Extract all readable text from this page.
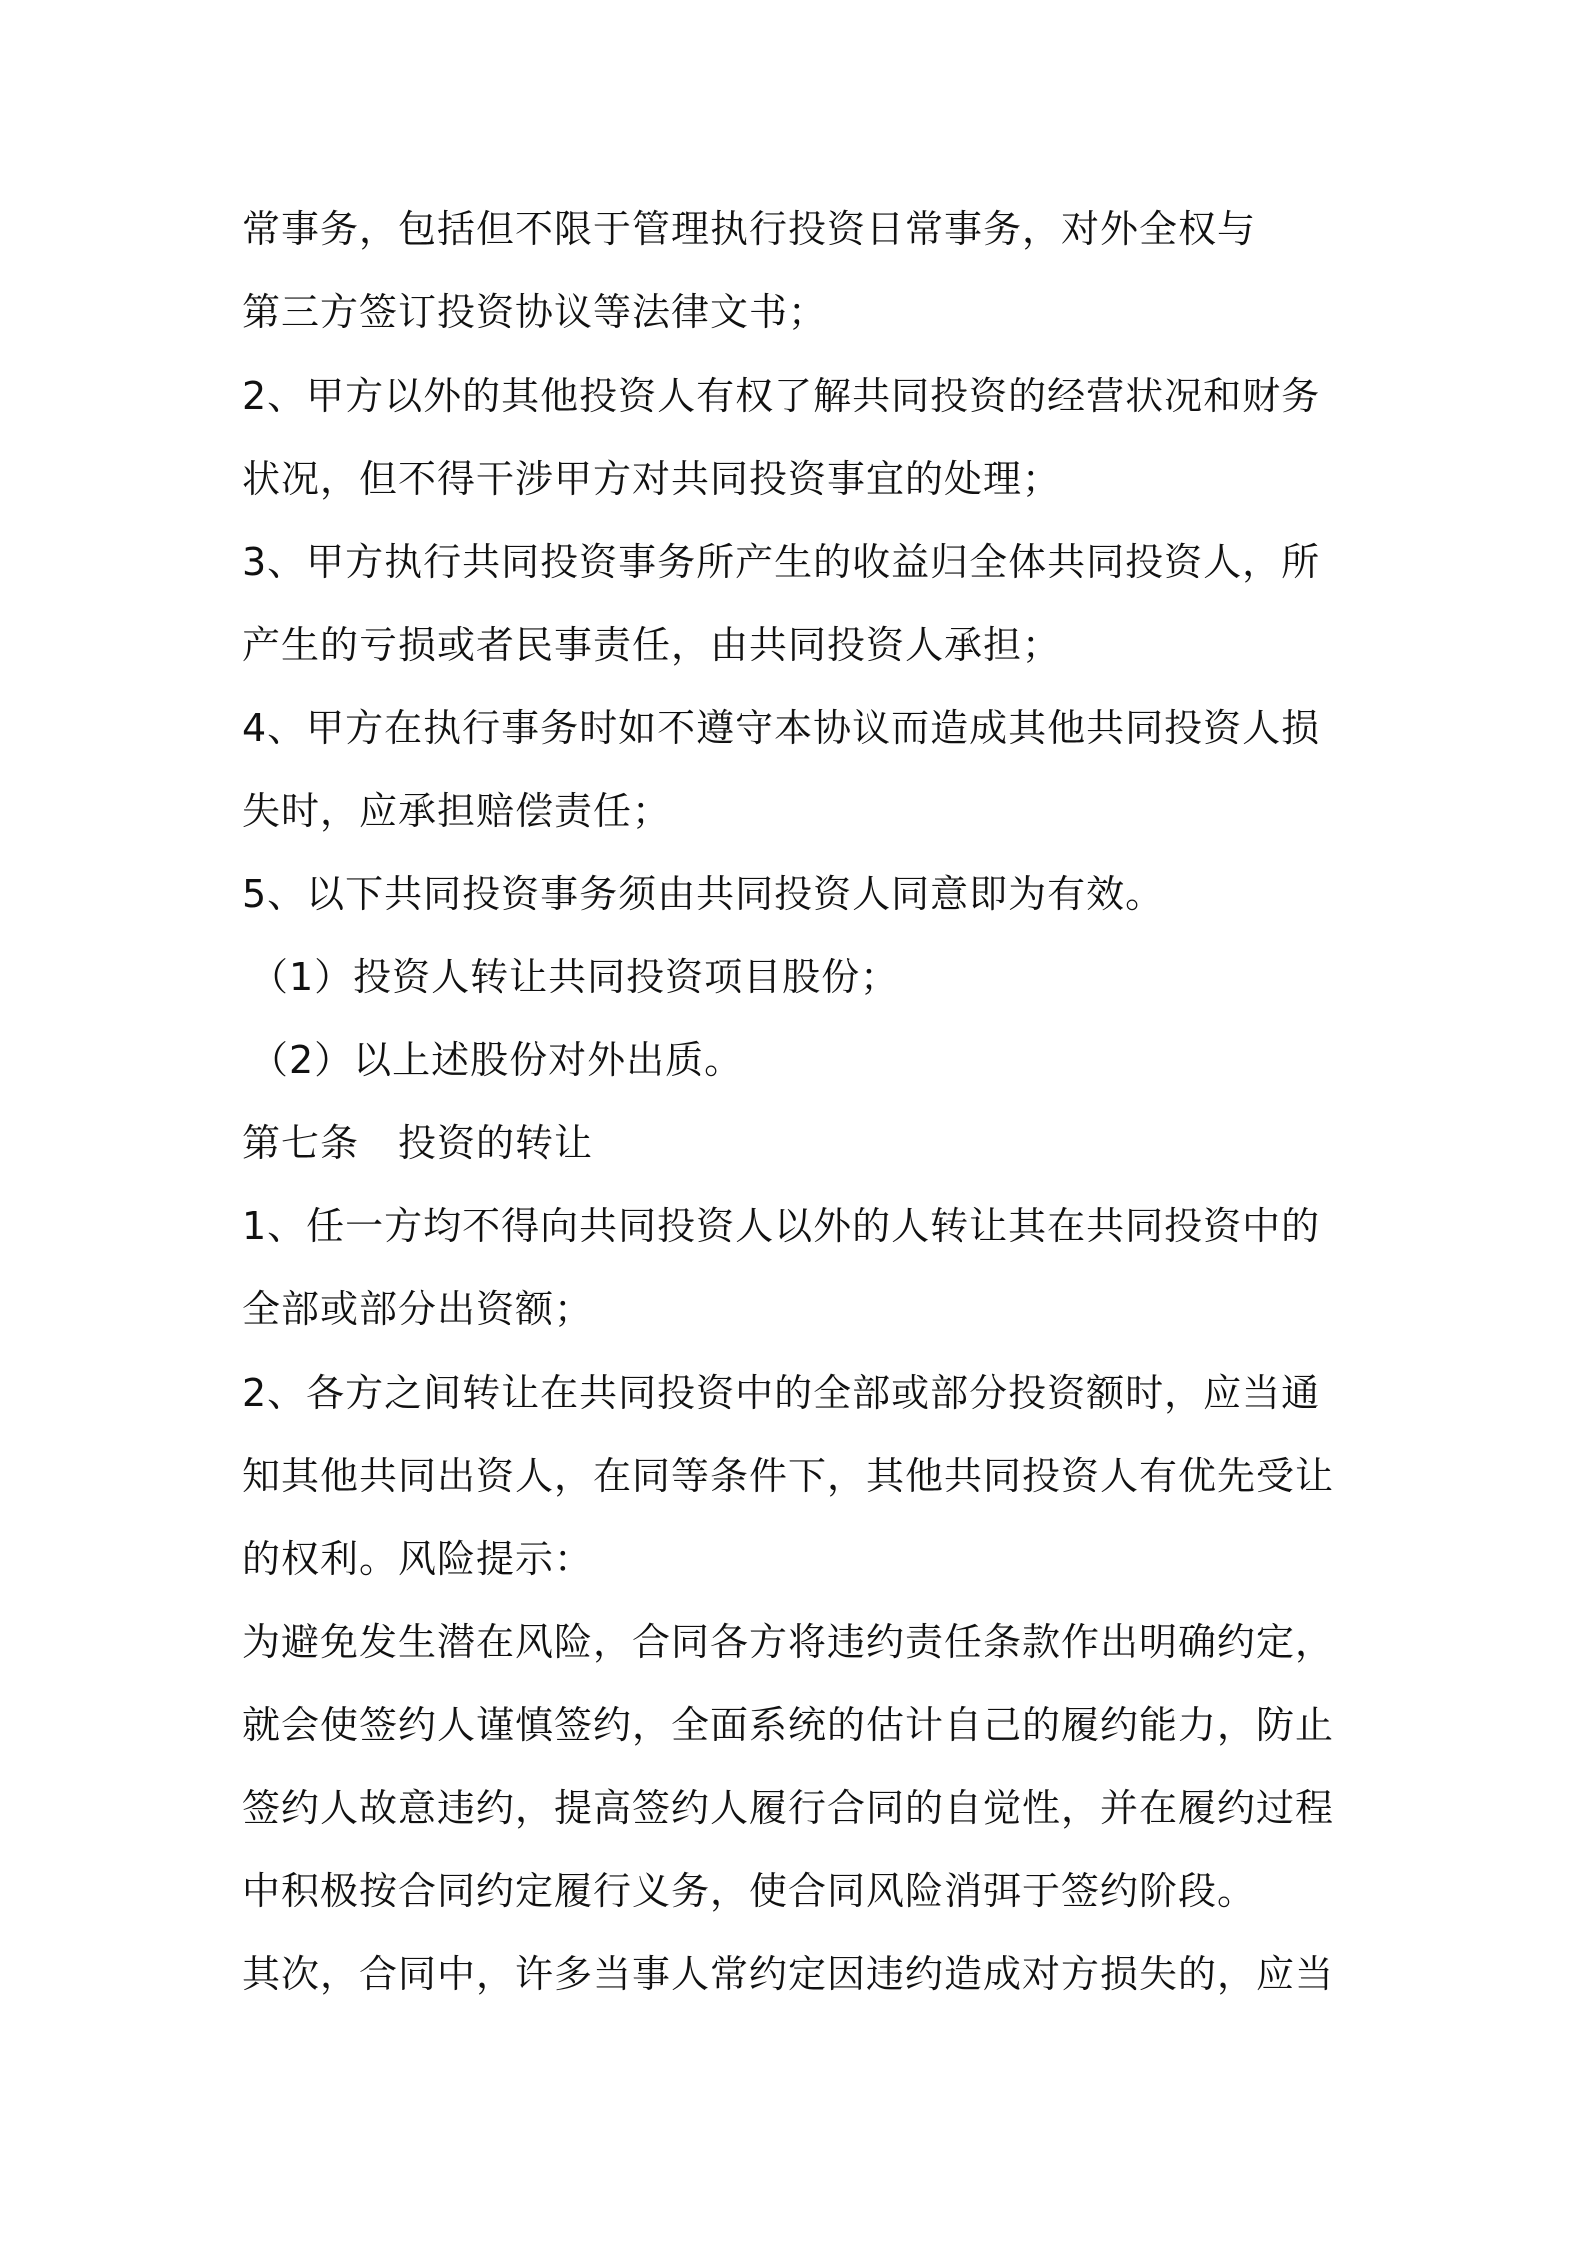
常事务，包括但不限于管理执行投资日常事务，对外全权与
第三方签订投资协议等法律文书；
2、甲方以外的其他投资人有权了解共同投资的经营状况和财务
状况，但不得干涉甲方对共同投资事宜的处理；
3、甲方执行共同投资事务所产生的收益归全体共同投资人，所
产生的亏损或者民事责任，由共同投资人承担；
4、甲方在执行事务时如不遵守本协议而造成其他共同投资人损
失时，应承担赔偿责任；
5、以下共同投资事务须由共同投资人同意即为有效。
（1）投资人转让共同投资项目股份；
（2）以上述股份对外出质。
第七条　投资的转让
1、任一方均不得向共同投资人以外的人转让其在共同投资中的
全部或部分出资额；
2、各方之间转让在共同投资中的全部或部分投资额时，应当通
知其他共同出资人，在同等条件下，其他共同投资人有优先受让
的权利。风险提示：
为避免发生潜在风险，合同各方将违约责任条款作出明确约定，
就会使签约人谨慎签约，全面系统的估计自己的履约能力，防止
签约人故意违约，提高签约人履行合同的自觉性，并在履约过程
中积极按合同约定履行义务，使合同风险消弭于签约阶段。
其次，合同中，许多当事人常约定因违约造成对方损失的，应当
